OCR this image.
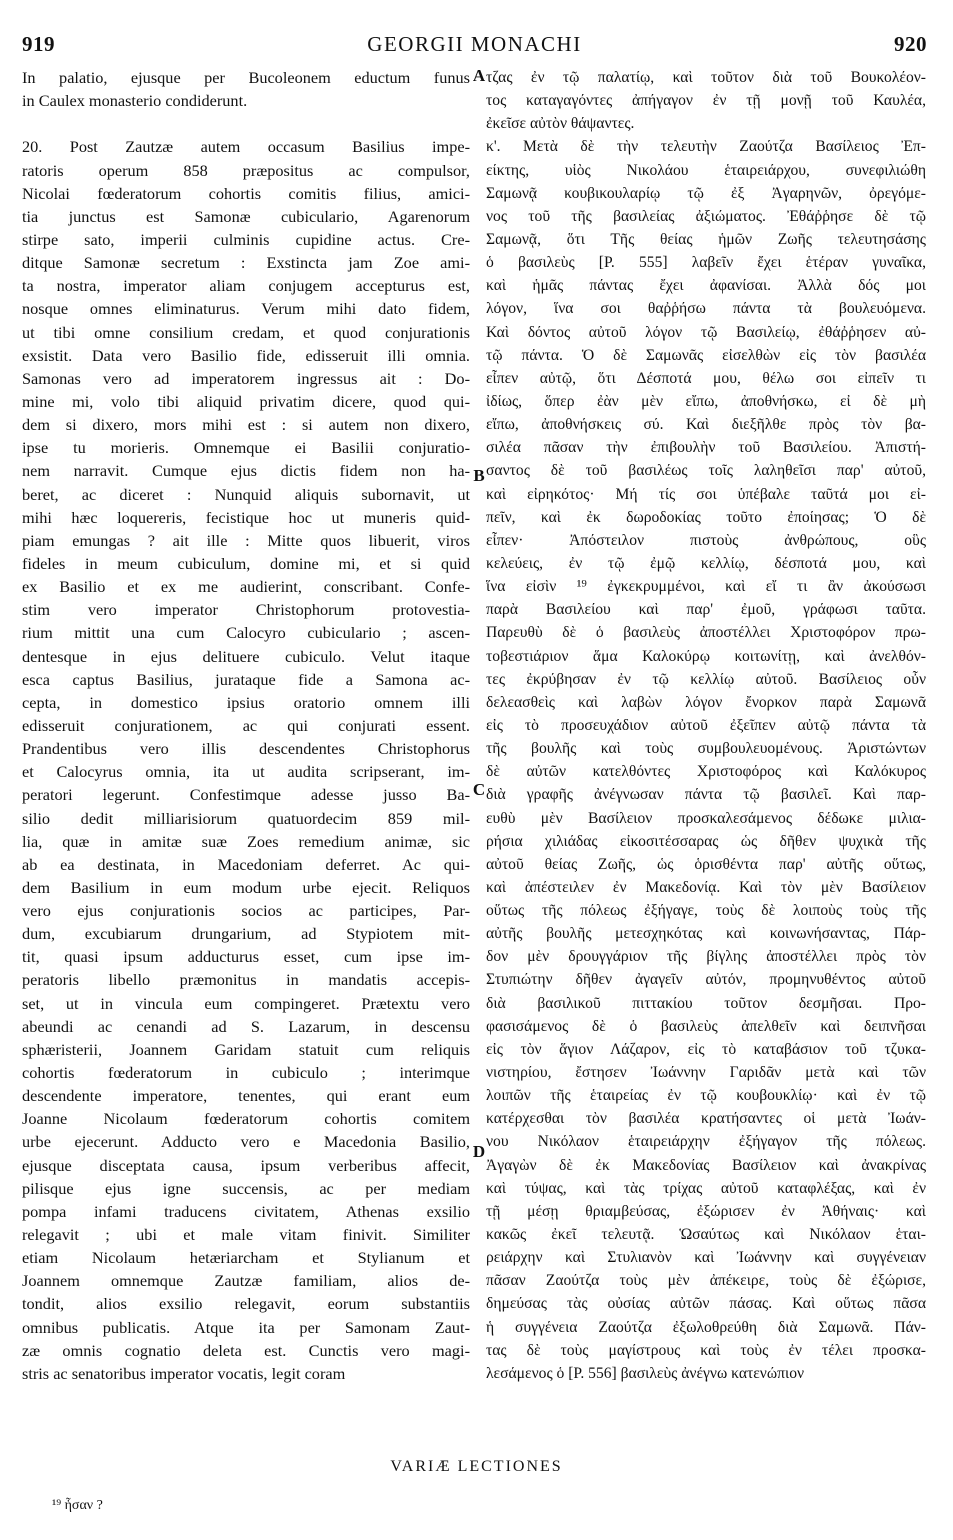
919	GEORGII MONACHI	920
In palatio, ejusque per Bucoleonem eductum funus
in Caulex monasterio condiderunt.
20. Post Zautzæ autem occasum Basilius impe-
ratoris operum 858 præpositus ac compulsor,
Nicolai fœderatorum cohortis comitis filius, amici-
tia junctus est Samonæ cubiculario, Agarenorum
stirpe sato, imperii culminis cupidine actus. Cre-
ditque Samonæ secretum : Exstincta jam Zoe ami-
ta nostra, imperator aliam conjugem accepturus est,
nosque omnes eliminaturus. Verum mihi dato fidem,
ut tibi omne consilium credam, et quod conjurationis
exsistit. Data vero Basilio fide, edisseruit illi omnia.
Samonas vero ad imperatorem ingressus ait : Do-
mine mi, volo tibi aliquid privatim dicere, quod qui-
dem si dixero, mors mihi est : si autem non dixero,
ipse tu morieris. Omnemque ei Basilii conjuratio-
nem narravit. Cumque ejus dictis fidem non ha-
beret, ac diceret : Nunquid aliquis subornavit, ut
mihi hæc loquereris, fecistique hoc ut muneris quid-
piam emungas ? ait ille : Mitte quos libuerit, viros
fideles in meum cubiculum, domine mi, et si quid
ex Basilio et ex me audierint, conscribant. Confe-
stim vero imperator Christophorum protovestia-
rium mittit una cum Calocyro cubiculario ; ascen-
dentesque in ejus delituere cubiculo. Velut itaque
esca captus Basilius, jurataque fide a Samona ac-
cepta, in domestico ipsius oratorio omnem illi
edisseruit conjurationem, ac qui conjurati essent.
Prandentibus vero illis descendentes Christophorus
et Calocyrus omnia, ita ut audita scripserant, im-
peratori legerunt. Confestimque adesse jusso Ba-
silio dedit milliarisiorum quatuordecim 859 mil-
lia, quæ in amitæ suæ Zoes remedium animæ, sic
ab ea destinata, in Macedoniam deferret. Ac qui-
dem Basilium in eum modum urbe ejecit. Reliquos
vero ejus conjurationis socios ac participes, Par-
dum, excubiarum drungarium, ad Stypiotem mit-
tit, quasi ipsum adducturus esset, cum ipse im-
peratoris libello præmonitus in mandatis accepis-
set, ut in vincula eum compingeret. Prætextu vero
abeundi ac cenandi ad S. Lazarum, in descensu
sphæristerii, Joannem Garidam statuit cum reliquis
cohortis fœderatorum in cubiculo ; interimque
descendente imperatore, tenentes, qui erant eum
Joanne Nicolaum fœderatorum cohortis comitem
urbe ejecerunt. Adducto vero e Macedonia Basilio,
ejusque disceptata causa, ipsum verberibus affecit,
pilisque ejus igne succensis, ac per mediam
pompa infami traducens civitatem, Athenas exsilio
relegavit ; ubi et male vitam finivit. Similiter
etiam Nicolaum hetæriarcham et Stylianum et
Joannem omnemque Zautzæ familiam, alios de-
tondit, alios exsilio relegavit, eorum substantiis
omnibus publicatis. Atque ita per Samonam Zaut-
zæ omnis cognatio deleta est. Cunctis vero magi-
stris ac senatoribus imperator vocatis, legit coram
τζας ἐν τῷ παλατίῳ, καὶ τοῦτον διὰ τοῦ Βουκολέον-
τος καταγαγόντες ἀπήγαγον ἐν τῇ μονῇ τοῦ Καυλέα,
ἐκεῖσε αὐτὸν θάψαντες.
κ'. Μετὰ δὲ τὴν τελευτὴν Ζαούτζα Βασίλειος Ἐπ-
είκτης, υἱὸς Νικολάου ἑταιρειάρχου, συνεφιλιώθη
Σαμωνᾷ κουβικουλαρίῳ τῷ ἐξ Ἀγαρηνῶν, ὀρεγόμε-
νος τοῦ τῆς βασιλείας ἀξιώματος. Ἐθάῤῥησε δὲ τῷ
Σαμωνᾷ, ὅτι Τῆς θείας ἡμῶν Ζωῆς τελευτησάσης
ὁ βασιλεὺς [P. 555] λαβεῖν ἔχει ἑτέραν γυναῖκα,
καὶ ἡμᾶς πάντας ἔχει ἀφανίσαι. Ἀλλὰ δός μοι
λόγον, ἵνα σοι θαῤῥήσω πάντα τὰ βουλευόμενα.
Καὶ δόντος αὐτοῦ λόγον τῷ Βασιλείῳ, ἐθάῤῥησεν αὐ-
τῷ πάντα. Ὁ δὲ Σαμωνᾶς εἰσελθὼν εἰς τὸν βασιλέα
εἶπεν αὐτῷ, ὅτι Δέσποτά μου, θέλω σοι εἰπεῖν τι
ἰδίως, ὅπερ ἐὰν μὲν εἴπω, ἀποθνήσκω, εἰ δὲ μὴ
εἴπω, ἀποθνήσκεις σύ. Καὶ διεξῆλθε πρὸς τὸν βα-
σιλέα πᾶσαν τὴν ἐπιβουλὴν τοῦ Βασιλείου. Ἀπιστή-
σαντος δὲ τοῦ βασιλέως τοῖς λαληθεῖσι παρ' αὐτοῦ,
καὶ εἰρηκότος· Μή τίς σοι ὑπέβαλε ταῦτά μοι εἰ-
πεῖν, καὶ ἐκ δωροδοκίας τοῦτο ἐποίησας; Ὁ δὲ
εἶπεν· Ἀπόστειλον πιστοὺς ἀνθρώπους, οὓς
κελεύεις, ἐν τῷ ἐμῷ κελλίῳ, δέσποτά μου, καὶ
ἵνα εἰσὶν ¹⁹ ἐγκεκρυμμένοι, καὶ εἴ τι ἂν ἀκούσωσι
παρὰ Βασιλείου καὶ παρ' ἐμοῦ, γράφωσι ταῦτα.
Παρευθὺ δὲ ὁ βασιλεὺς ἀποστέλλει Χριστοφόρον πρω-
τοβεστιάριον ἅμα Καλοκύρῳ κοιτωνίτῃ, καὶ ἀνελθόν-
τες ἐκρύβησαν ἐν τῷ κελλίῳ αὐτοῦ. Βασίλειος οὖν
δελεασθεὶς καὶ λαβὼν λόγον ἔνορκον παρὰ Σαμωνᾶ
εἰς τὸ προσευχάδιον αὐτοῦ ἐξεῖπεν αὐτῷ πάντα τὰ
τῆς βουλῆς καὶ τοὺς συμβουλευομένους. Ἀριστώντων
δὲ αὐτῶν κατελθόντες Χριστοφόρος καὶ Καλόκυρος
διὰ γραφῆς ἀνέγνωσαν πάντα τῷ βασιλεῖ. Καὶ παρ-
ευθὺ μὲν Βασίλειον προσκαλεσάμενος δέδωκε μιλια-
ρήσια χιλιάδας εἰκοσιτέσσαρας ὡς δῆθεν ψυχικὰ τῆς
αὐτοῦ θείας Ζωῆς, ὡς ὁρισθέντα παρ' αὐτῆς οὕτως,
καὶ ἀπέστειλεν ἐν Μακεδονίᾳ. Καὶ τὸν μὲν Βασίλειον
οὕτως τῆς πόλεως ἐξήγαγε, τοὺς δὲ λοιποὺς τοὺς τῆς
αὐτῆς βουλῆς μετεσχηκότας καὶ κοινωνήσαντας, Πάρ-
δον μὲν δρουγγάριον τῆς βίγλης ἀποστέλλει πρὸς τὸν
Στυπιώτην δῆθεν ἀγαγεῖν αὐτόν, προμηνυθέντος αὐτοῦ
διὰ βασιλικοῦ πιττακίου τοῦτον δεσμῆσαι. Προ-
φασισάμενος δὲ ὁ βασιλεὺς ἀπελθεῖν καὶ δειπνῆσαι
εἰς τὸν ἅγιον Λάζαρον, εἰς τὸ καταβάσιον τοῦ τζυκα-
νιστηρίου, ἔστησεν Ἰωάννην Γαριδᾶν μετὰ καὶ τῶν
λοιπῶν τῆς ἑταιρείας ἐν τῷ κουβουκλίῳ· καὶ ἐν τῷ
κατέρχεσθαι τὸν βασιλέα κρατήσαντες οἱ μετὰ Ἰωάν-
νου Νικόλαον ἑταιρειάρχην ἐξήγαγον τῆς πόλεως.
Ἀγαγὼν δὲ ἐκ Μακεδονίας Βασίλειον καὶ ἀνακρίνας
καὶ τύψας, καὶ τὰς τρίχας αὐτοῦ καταφλέξας, καὶ ἐν
τῇ μέσῃ θριαμβεύσας, ἐξώρισεν ἐν Ἀθήναις· καὶ
κακῶς ἐκεῖ τελευτᾷ. Ὡσαύτως καὶ Νικόλαον ἑται-
ρειάρχην καὶ Στυλιανὸν καὶ Ἰωάννην καὶ συγγένειαν
πᾶσαν Ζαούτζα τοὺς μὲν ἀπέκειρε, τοὺς δὲ ἐξώρισε,
δημεύσας τὰς οὐσίας αὐτῶν πάσας. Καὶ οὕτως πᾶσα
ἡ συγγένεια Ζαούτζα ἐξωλοθρεύθη διὰ Σαμωνᾶ. Πάν-
τας δὲ τοὺς μαγίστρους καὶ τοὺς ἐν τέλει προσκα-
λεσάμενος ὁ [P. 556] βασιλεὺς ἀνέγνω κατενώπιον
A
B
C
D
VARIÆ LECTIONES
¹⁹ ἦσαν ?
